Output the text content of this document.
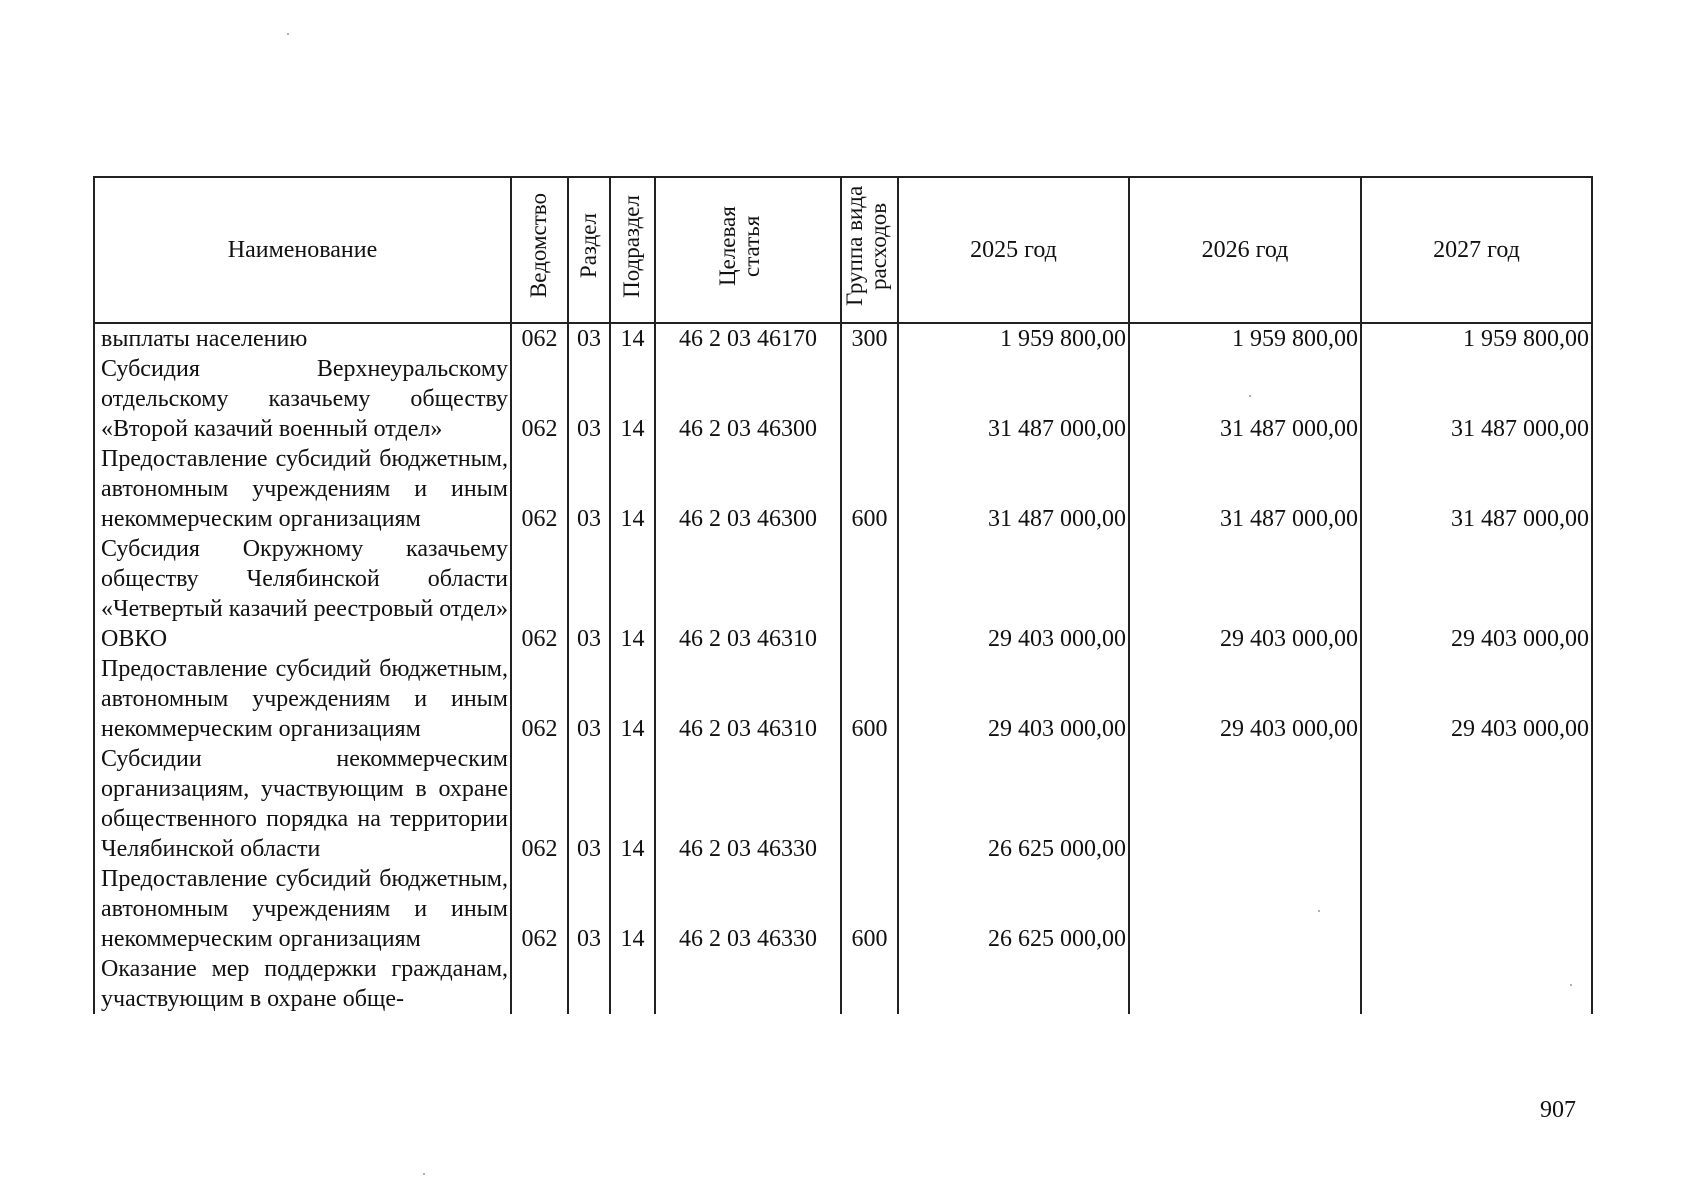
Наименование	Ведомство	Раздел	Подраздел	Целевая статья	Группа вида расходов	2025 год	2026 год	2027 год
выплаты населению	062	03	14	46 2 03 46170	300	1 959 800,00	1 959 800,00	1 959 800,00
Субсидия Верхнеуральскому отдельскому казачьему обществу «Второй казачий военный отдел»	062	03	14	46 2 03 46300		31 487 000,00	31 487 000,00	31 487 000,00
Предоставление субсидий бюджетным, автономным учреждениям и иным некоммерческим организациям	062	03	14	46 2 03 46300	600	31 487 000,00	31 487 000,00	31 487 000,00
Субсидия Окружному казачьему обществу Челябинской области «Четвертый казачий реестровый отдел» ОВКО	062	03	14	46 2 03 46310		29 403 000,00	29 403 000,00	29 403 000,00
Предоставление субсидий бюджетным, автономным учреждениям и иным некоммерческим организациям	062	03	14	46 2 03 46310	600	29 403 000,00	29 403 000,00	29 403 000,00
Субсидии некоммерческим организациям, участвующим в охране общественного порядка на территории Челябинской области	062	03	14	46 2 03 46330		26 625 000,00		
Предоставление субсидий бюджетным, автономным учреждениям и иным некоммерческим организациям	062	03	14	46 2 03 46330	600	26 625 000,00		
Оказание мер поддержки гражданам, участвующим в охране обще-								
907
